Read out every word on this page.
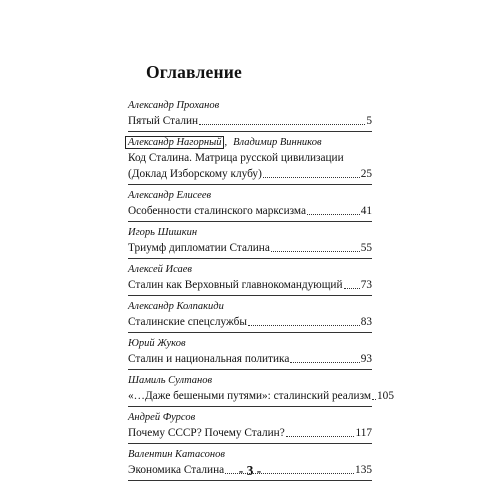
Оглавление
Александр Проханов
Пятый Сталин	5
Александр Нагорный , Владимир Винников
Код Сталина. Матрица русской цивилизации
(Доклад Изборскому клубу)	25
Александр Елисеев
Особенности сталинского марксизма	41
Игорь Шишкин
Триумф дипломатии Сталина	55
Алексей Исаев
Сталин как Верховный главнокомандующий 73
Александр Колпакиди
Сталинские спецслужбы	83
Юрий Жуков
Сталин и национальная политика	93
Шамиль Султанов
«…Даже бешеными путями»: сталинский реализм 105
Андрей Фурсов
Почему СССР? Почему Сталин?	117
Валентин Катасонов
Экономика Сталина	135
- 3 -
